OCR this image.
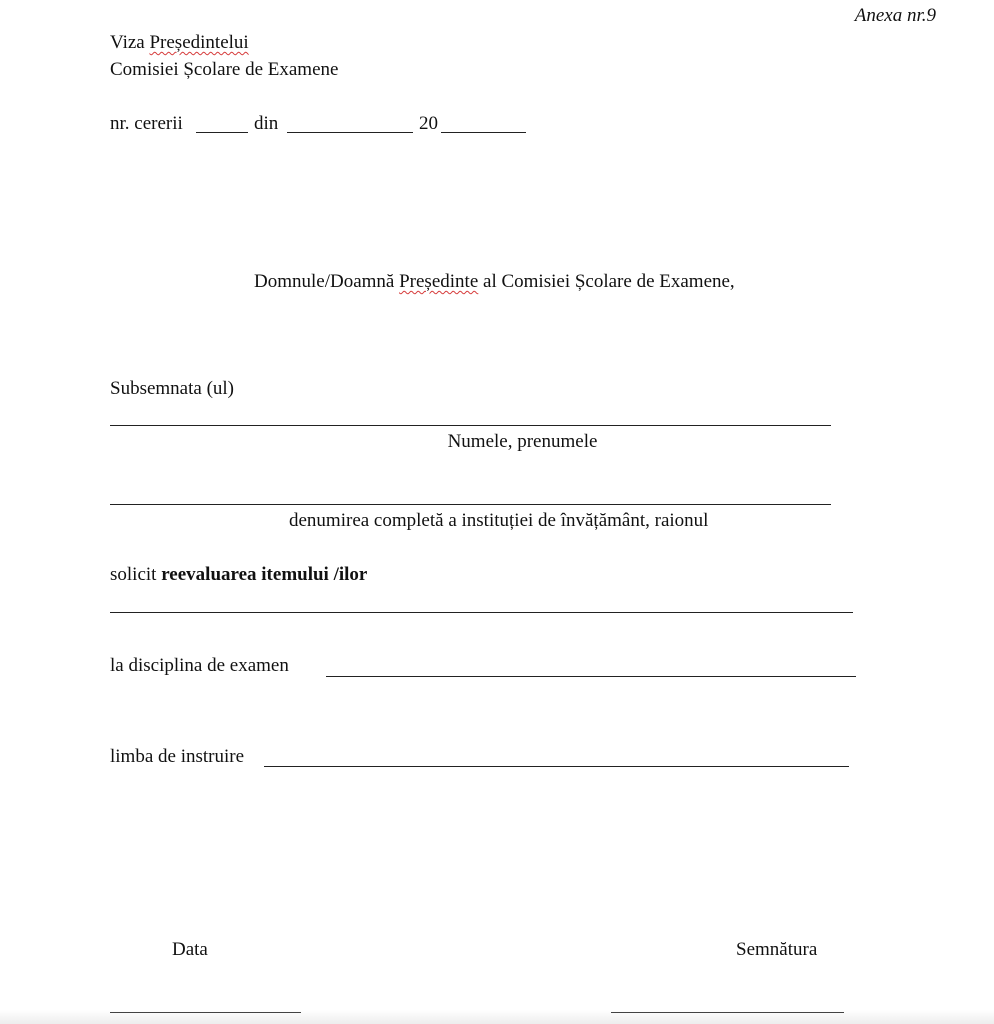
Anexa nr.9
Viza Președintelui
Comisiei Școlare de Examene
nr. cererii	din	20
Domnule/Doamnă Președinte al Comisiei Școlare de Examene,
Subsemnata (ul)
Numele, prenumele
denumirea completă a instituției de învățământ, raionul
solicit reevaluarea itemului /ilor
la disciplina de examen
limba de instruire
Data	Semnătura
